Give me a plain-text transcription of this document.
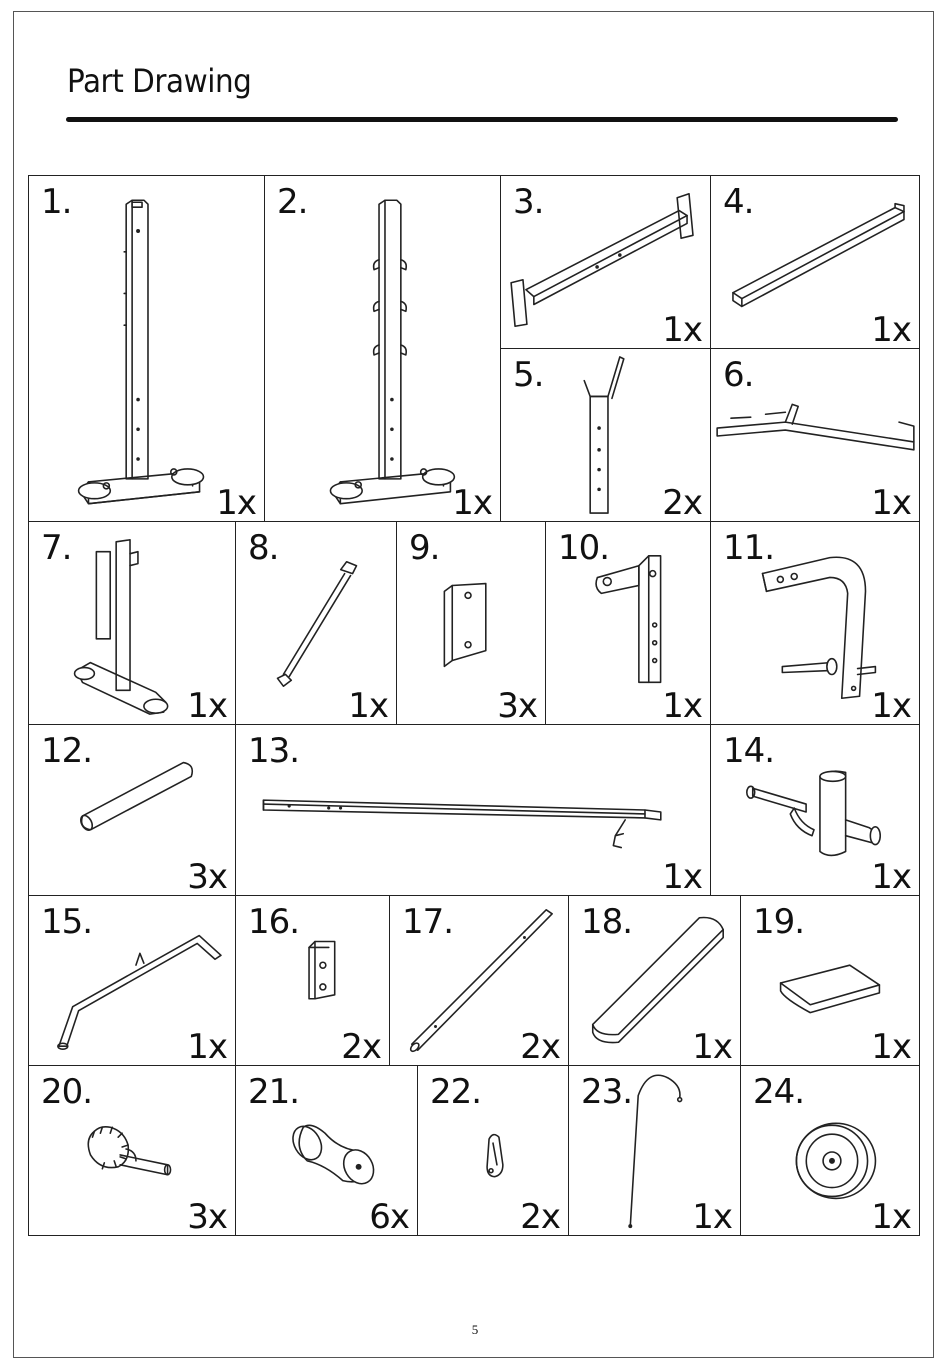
Part Drawing
1.
1x
2.
1x
3.
1x
4.
1x
5.
2x
6.
1x
7.
1x
8.
1x
9.
3x
10.
1x
11.
1x
12.
3x
13.
1x
14.
1x
15.
1x
16.
2x
17.
2x
18.
1x
19.
1x
20.
3x
21.
6x
22.
2x
23.
1x
24.
1x
5
